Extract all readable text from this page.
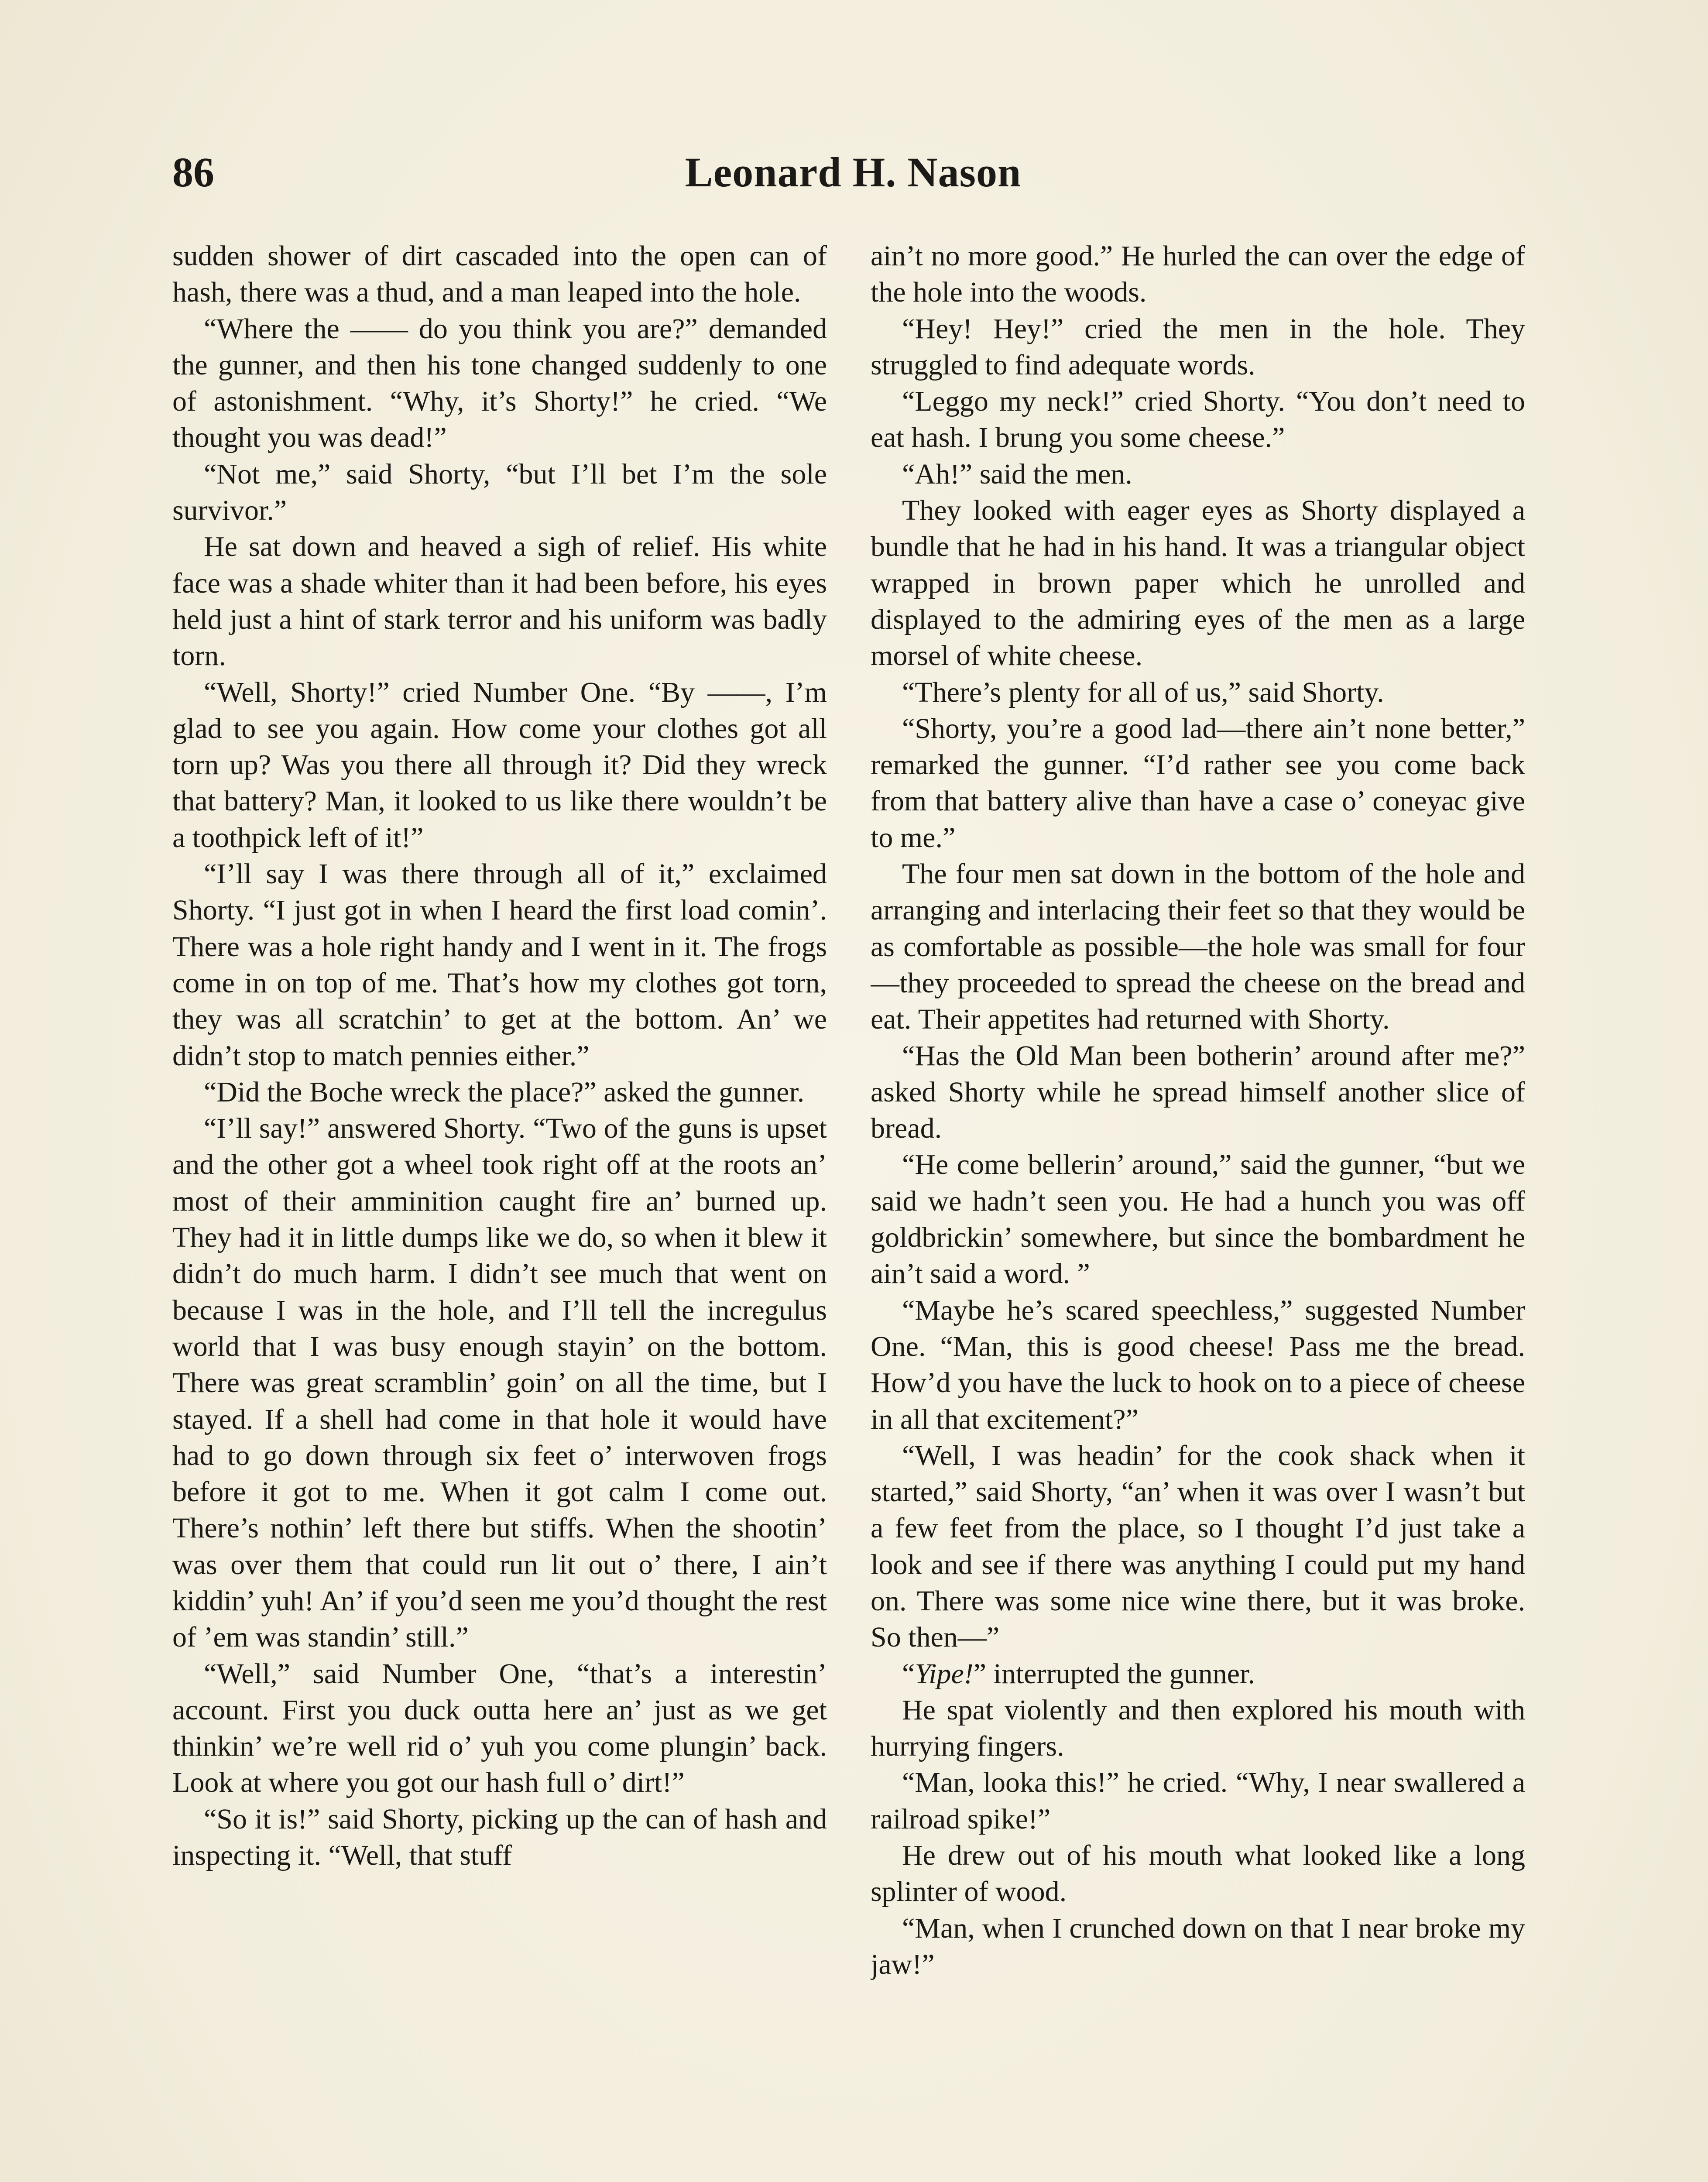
86	Leonard H. Nason

sudden shower of dirt cascaded into the open can of hash, there was a thud, and a man leaped into the hole.

“Where the —— do you think you are?” demanded the gunner, and then his tone changed suddenly to one of astonishment. “Why, it’s Shorty!” he cried. “We thought you was dead!”

“Not me,” said Shorty, “but I’ll bet I’m the sole survivor.”

He sat down and heaved a sigh of relief. His white face was a shade whiter than it had been before, his eyes held just a hint of stark terror and his uniform was badly torn.

“Well, Shorty!” cried Number One. “By ——, I’m glad to see you again. How come your clothes got all torn up? Was you there all through it? Did they wreck that battery? Man, it looked to us like there wouldn’t be a toothpick left of it!”

“I’ll say I was there through all of it,” exclaimed Shorty. “I just got in when I heard the first load comin’. There was a hole right handy and I went in it. The frogs come in on top of me. That’s how my clothes got torn, they was all scratchin’ to get at the bottom. An’ we didn’t stop to match pennies either.”

“Did the Boche wreck the place?” asked the gunner.

“I’ll say!” answered Shorty. “Two of the guns is upset and the other got a wheel took right off at the roots an’ most of their amminition caught fire an’ burned up. They had it in little dumps like we do, so when it blew it didn’t do much harm. I didn’t see much that went on because I was in the hole, and I’ll tell the incregulus world that I was busy enough stayin’ on the bottom. There was great scramblin’ goin’ on all the time, but I stayed. If a shell had come in that hole it would have had to go down through six feet o’ interwoven frogs before it got to me. When it got calm I come out. There’s nothin’ left there but stiffs. When the shootin’ was over them that could run lit out o’ there, I ain’t kiddin’ yuh! An’ if you’d seen me you’d thought the rest of ’em was standin’ still.”

“Well,” said Number One, “that’s a interestin’ account. First you duck outta here an’ just as we get thinkin’ we’re well rid o’ yuh you come plungin’ back. Look at where you got our hash full o’ dirt!”

“So it is!” said Shorty, picking up the can of hash and inspecting it. “Well, that stuff

ain’t no more good.” He hurled the can over the edge of the hole into the woods.

“Hey! Hey!” cried the men in the hole. They struggled to find adequate words.

“Leggo my neck!” cried Shorty. “You don’t need to eat hash. I brung you some cheese.”

“Ah!” said the men.

They looked with eager eyes as Shorty displayed a bundle that he had in his hand. It was a triangular object wrapped in brown paper which he unrolled and displayed to the admiring eyes of the men as a large morsel of white cheese.

“There’s plenty for all of us,” said Shorty.

“Shorty, you’re a good lad—there ain’t none better,” remarked the gunner. “I’d rather see you come back from that battery alive than have a case o’ coneyac give to me.”

The four men sat down in the bottom of the hole and arranging and interlacing their feet so that they would be as comfortable as possible—the hole was small for four—they proceeded to spread the cheese on the bread and eat. Their appetites had returned with Shorty.

“Has the Old Man been botherin’ around after me?” asked Shorty while he spread himself another slice of bread.

“He come bellerin’ around,” said the gunner, “but we said we hadn’t seen you. He had a hunch you was off goldbrickin’ somewhere, but since the bombardment he ain’t said a word. ”

“Maybe he’s scared speechless,” suggested Number One. “Man, this is good cheese! Pass me the bread. How’d you have the luck to hook on to a piece of cheese in all that excitement?”

“Well, I was headin’ for the cook shack when it started,” said Shorty, “an’ when it was over I wasn’t but a few feet from the place, so I thought I’d just take a look and see if there was anything I could put my hand on. There was some nice wine there, but it was broke. So then—”

“Yipe!” interrupted the gunner.

He spat violently and then explored his mouth with hurrying fingers.

“Man, looka this!” he cried. “Why, I near swallered a railroad spike!”

He drew out of his mouth what looked like a long splinter of wood.

“Man, when I crunched down on that I near broke my jaw!”
